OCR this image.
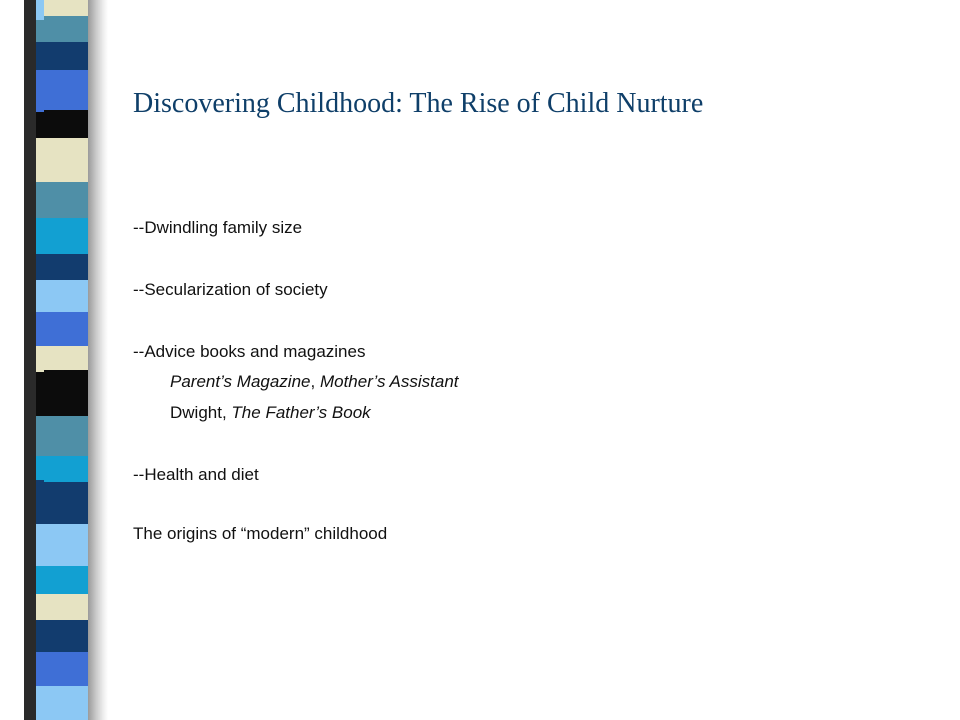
Discovering Childhood: The Rise of Child Nurture
--Dwindling family size
--Secularization of society
--Advice books and magazines
Parent’s Magazine, Mother’s Assistant
Dwight, The Father’s Book
--Health and diet
The origins of “modern” childhood
